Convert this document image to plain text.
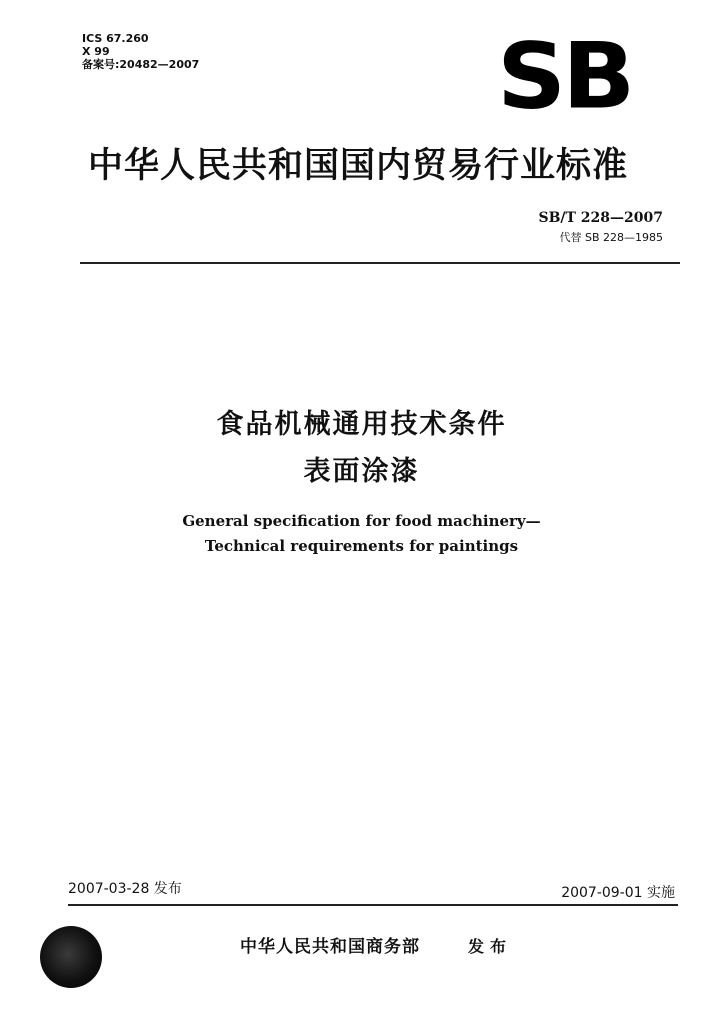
ICS 67.260
X 99
备案号:20482—2007	SB
中华人民共和国国内贸易行业标准
SB/T 228—2007
代替 SB 228—1985
食品机械通用技术条件
表面涂漆
General specification for food machinery—
Technical requirements for paintings
2007-03-28 发布	2007-09-01 实施
中华人民共和国商务部	发布
